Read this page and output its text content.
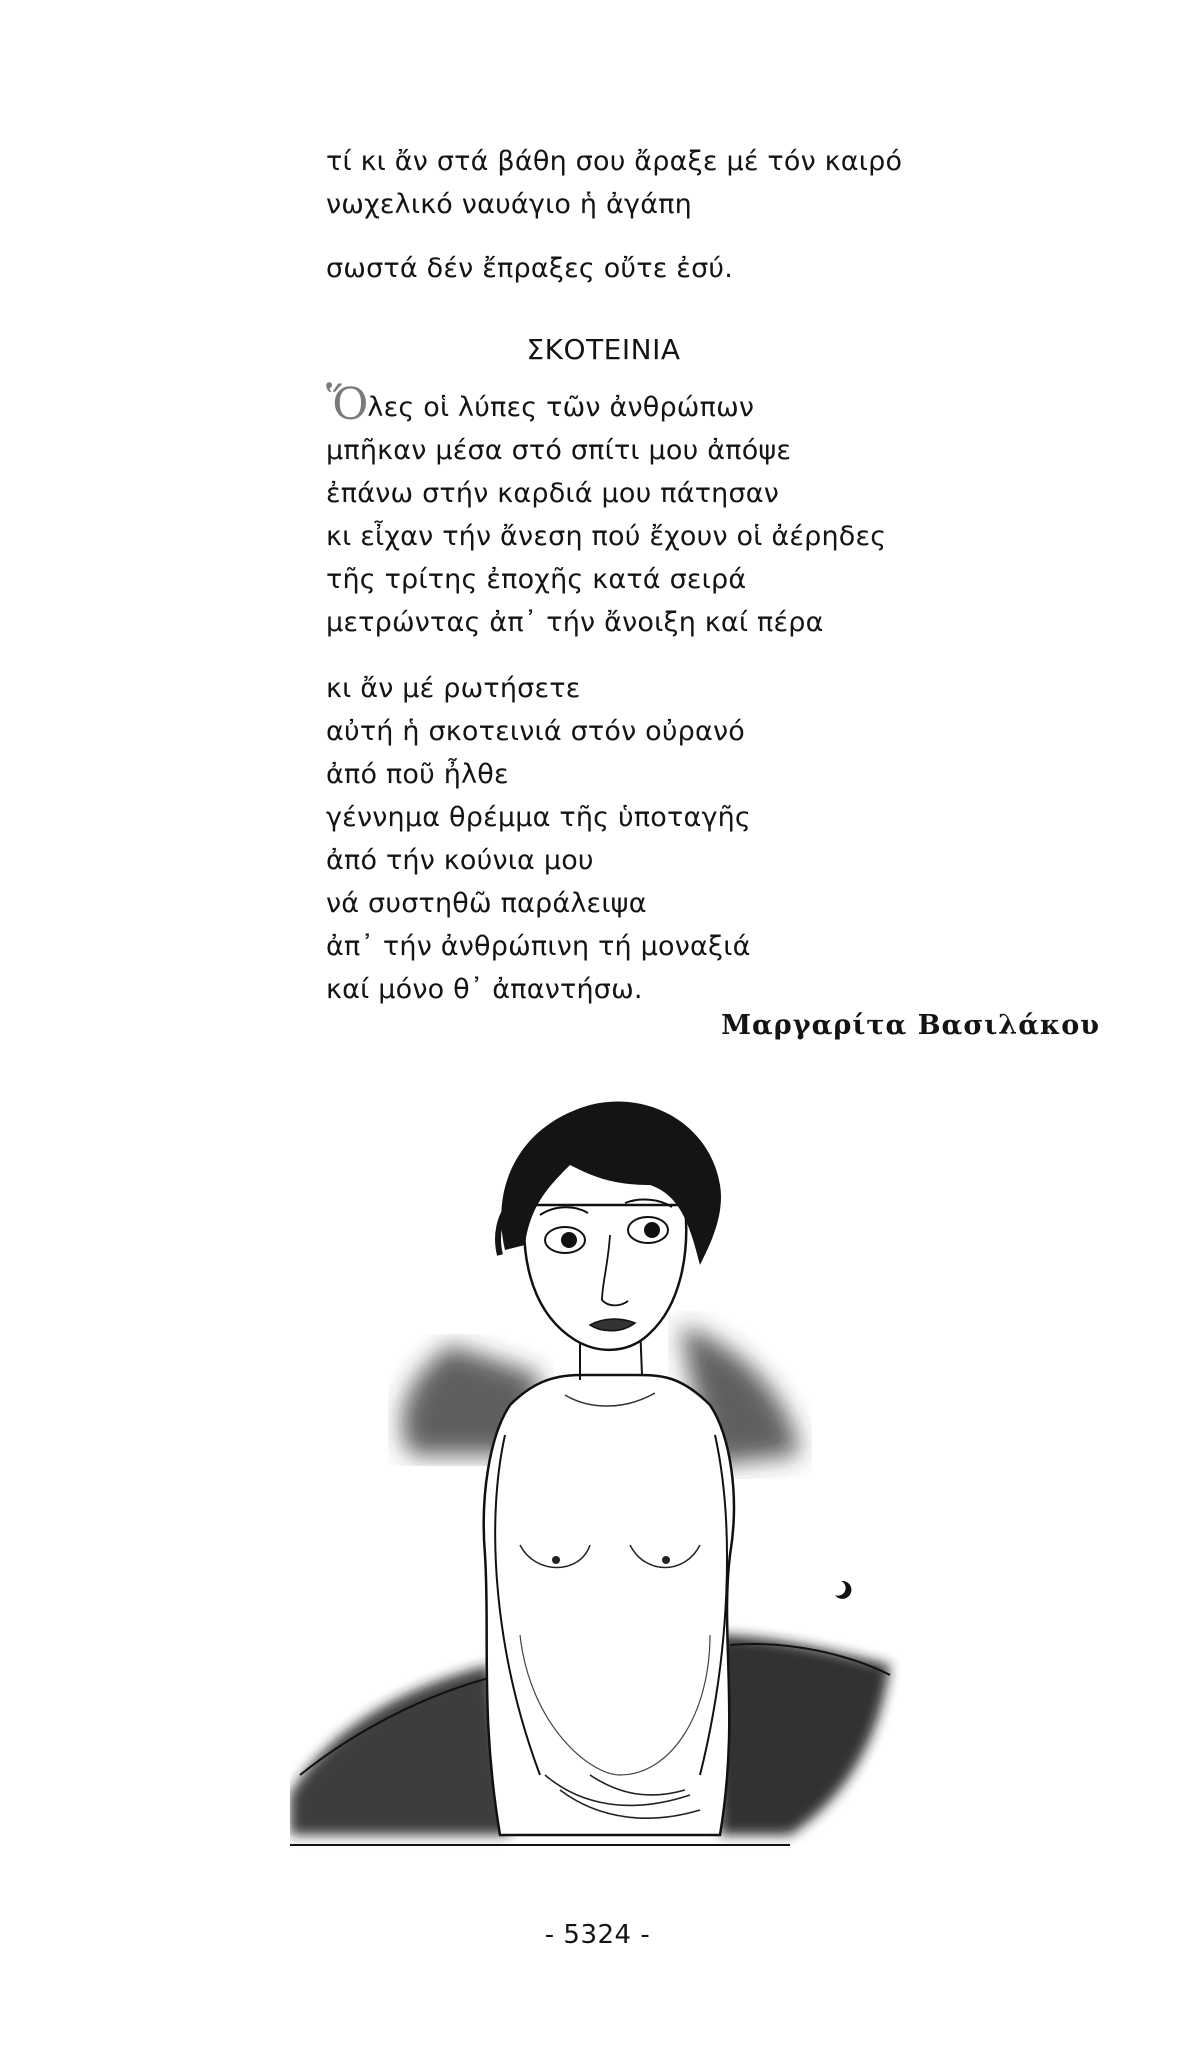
τί κι ἄν στά βάθη σου ἄραξε μέ τόν καιρό
νωχελικό ναυάγιο ἡ ἀγάπη
σωστά δέν ἔπραξες οὔτε ἐσύ.
ΣΚΟΤΕΙΝΙΑ
Ὅλες οἱ λύπες τῶν ἀνθρώπων
μπῆκαν μέσα στό σπίτι μου ἀπόψε
ἐπάνω στήν καρδιά μου πάτησαν
κι εἶχαν τήν ἄνεση πού ἔχουν οἱ ἀέρηδες
τῆς τρίτης ἐποχῆς κατά σειρά
μετρώντας ἀπ᾽ τήν ἄνοιξη καί πέρα
κι ἄν μέ ρωτήσετε
αὐτή ἡ σκοτεινιά στόν οὐρανό
ἀπό ποῦ ἦλθε
γέννημα θρέμμα τῆς ὑποταγῆς
ἀπό τήν κούνια μου
νά συστηθῶ παράλειψα
ἀπ᾽ τήν ἀνθρώπινη τή μοναξιά
καί μόνο θ᾽ ἀπαντήσω.
Μαργαρίτα Βασιλάκου
- 5324 -
